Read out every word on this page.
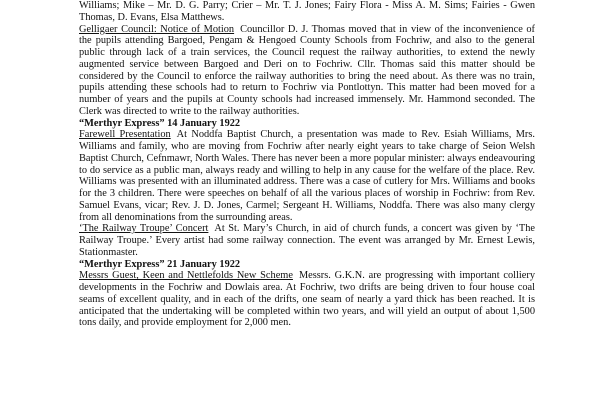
Williams; Mike – Mr. D. G. Parry; Crier – Mr. T. J. Jones; Fairy Flora - Miss A. M. Sims; Fairies - Gwen Thomas, D. Evans, Elsa Matthews.

Gelligaer Council: Notice of Motion Councillor D. J. Thomas moved that in view of the inconvenience of the pupils attending Bargoed, Pengam & Hengoed County Schools from Fochriw, and also to the general public through lack of a train services, the Council request the railway authorities, to extend the newly augmented service between Bargoed and Deri on to Fochriw. Cllr. Thomas said this matter should be considered by the Council to enforce the railway authorities to bring the need about. As there was no train, pupils attending these schools had to return to Fochriw via Pontlottyn. This matter had been moved for a number of years and the pupils at County schools had increased immensely. Mr. Hammond seconded. The Clerk was directed to write to the railway authorities.

“Merthyr Express” 14 January 1922

Farewell Presentation At Noddfa Baptist Church, a presentation was made to Rev. Esiah Williams, Mrs. Williams and family, who are moving from Fochriw after nearly eight years to take charge of Seion Welsh Baptist Church, Cefnmawr, North Wales. There has never been a more popular minister: always endeavouring to do service as a public man, always ready and willing to help in any cause for the welfare of the place. Rev. Williams was presented with an illuminated address. There was a case of cutlery for Mrs. Williams and books for the 3 children. There were speeches on behalf of all the various places of worship in Fochriw: from Rev. Samuel Evans, vicar; Rev. J. D. Jones, Carmel; Sergeant H. Williams, Noddfa. There was also many clergy from all denominations from the surrounding areas.

‘The Railway Troupe’ Concert At St. Mary’s Church, in aid of church funds, a concert was given by ‘The Railway Troupe.’ Every artist had some railway connection. The event was arranged by Mr. Ernest Lewis, Stationmaster.

“Merthyr Express” 21 January 1922

Messrs Guest, Keen and Nettlefolds New Scheme Messrs. G.K.N. are progressing with important colliery developments in the Fochriw and Dowlais area. At Fochriw, two drifts are being driven to four house coal seams of excellent quality, and in each of the drifts, one seam of nearly a yard thick has been reached. It is anticipated that the undertaking will be completed within two years, and will yield an output of about 1,500 tons daily, and provide employment for 2,000 men.
